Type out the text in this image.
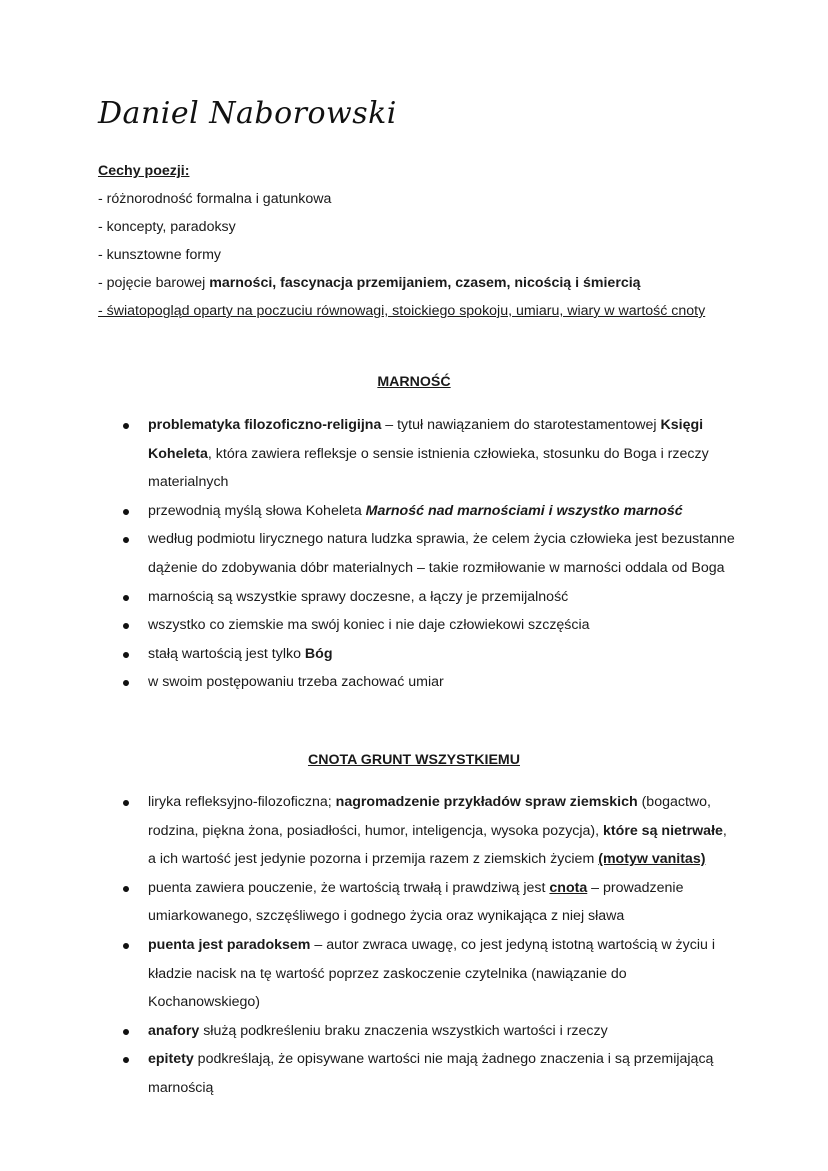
Daniel Naborowski
Cechy poezji:
- różnorodność formalna i gatunkowa
- koncepty, paradoksy
- kunsztowne formy
- pojęcie barowej marności, fascynacja przemijaniem, czasem, nicością i śmiercią
- światopogląd oparty na poczuciu równowagi, stoickiego spokoju, umiaru, wiary w wartość cnoty
MARNOŚĆ
problematyka filozoficzno-religijna – tytuł nawiązaniem do starotestamentowej Księgi Koheleta, która zawiera refleksje o sensie istnienia człowieka, stosunku do Boga i rzeczy materialnych
przewodnią myślą słowa Koheleta Marność nad marnościami i wszystko marność
według podmiotu lirycznego natura ludzka sprawia, że celem życia człowieka jest bezustanne dążenie do zdobywania dóbr materialnych – takie rozmiłowanie w marności oddala od Boga
marnością są wszystkie sprawy doczesne, a łączy je przemijalność
wszystko co ziemskie ma swój koniec i nie daje człowiekowi szczęścia
stałą wartością jest tylko Bóg
w swoim postępowaniu trzeba zachować umiar
CNOTA GRUNT WSZYSTKIEMU
liryka refleksyjno-filozoficzna; nagromadzenie przykładów spraw ziemskich (bogactwo, rodzina, piękna żona, posiadłości, humor, inteligencja, wysoka pozycja), które są nietrwałe, a ich wartość jest jedynie pozorna i przemija razem z ziemskich życiem (motyw vanitas)
puenta zawiera pouczenie, że wartością trwałą i prawdziwą jest cnota – prowadzenie umiarkowanego, szczęśliwego i godnego życia oraz wynikająca z niej sława
puenta jest paradoksem – autor zwraca uwagę, co jest jedyną istotną wartością w życiu i kładzie nacisk na tę wartość poprzez zaskoczenie czytelnika (nawiązanie do Kochanowskiego)
anafory służą podkreśleniu braku znaczenia wszystkich wartości i rzeczy
epitety podkreślają, że opisywane wartości nie mają żadnego znaczenia i są przemijającą marnością
